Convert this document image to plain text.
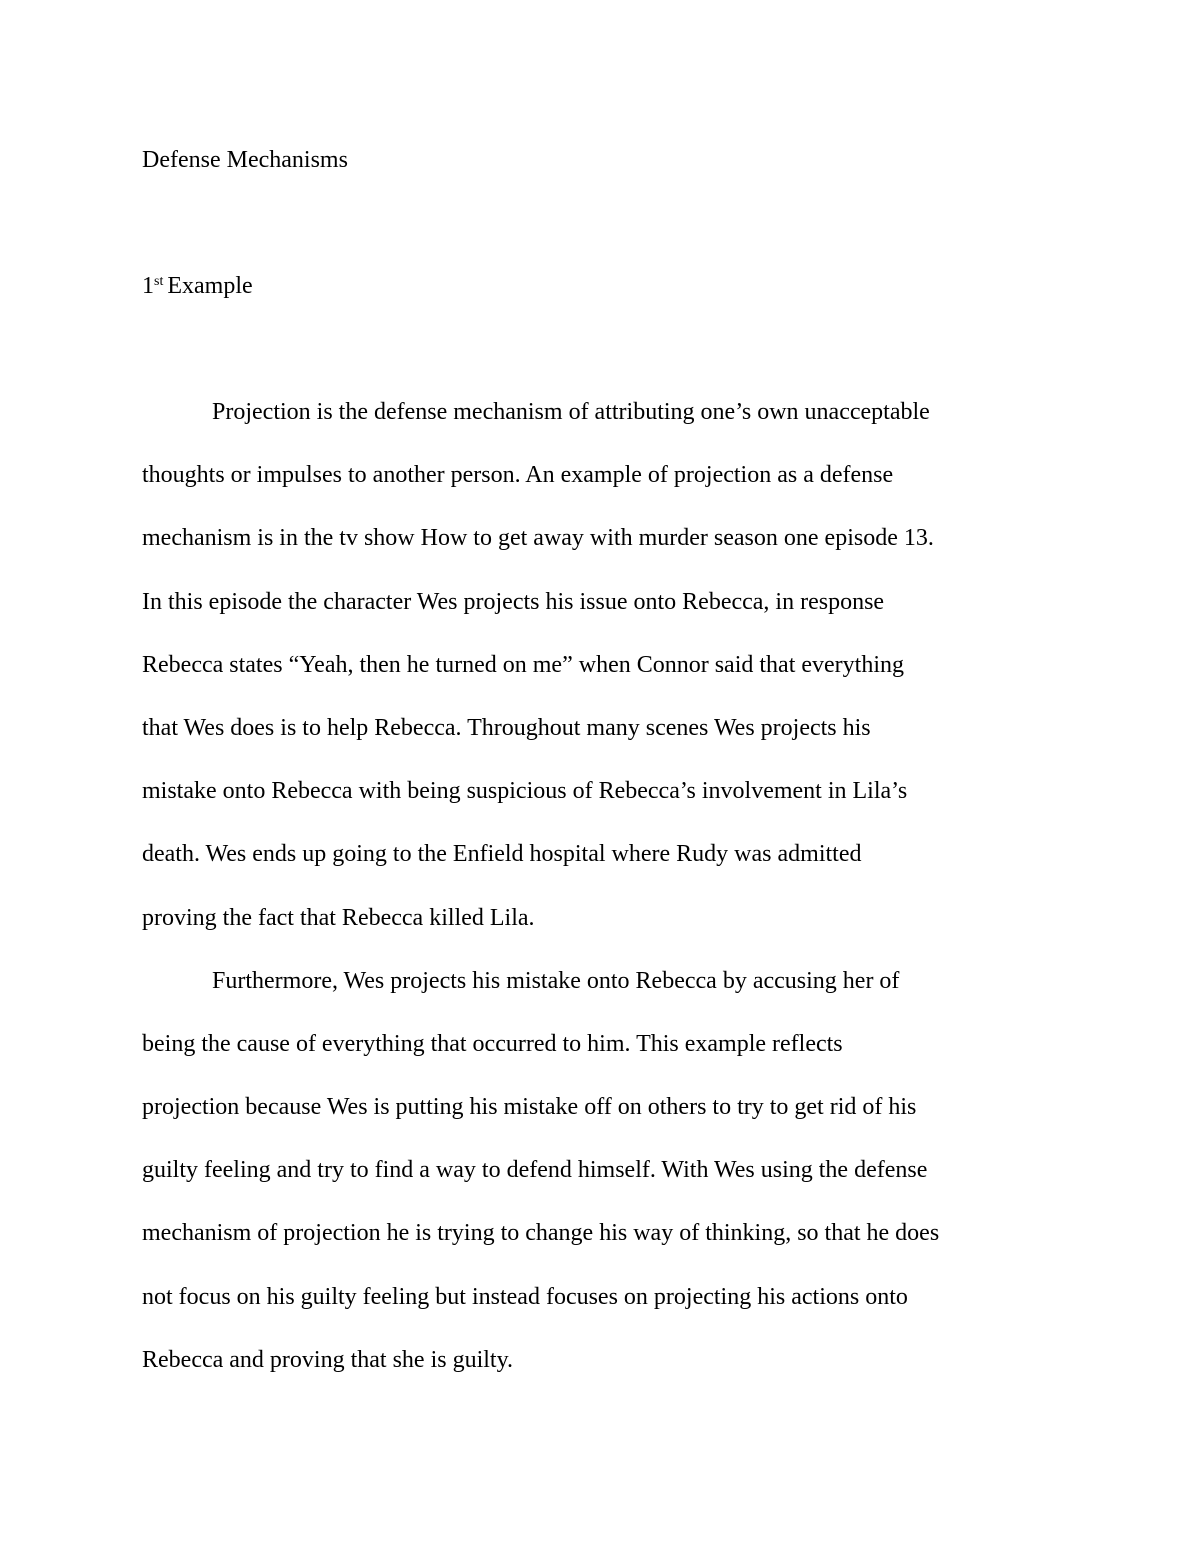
Defense Mechanisms
1st Example
Projection is the defense mechanism of attributing one’s own unacceptable
thoughts or impulses to another person. An example of projection as a defense
mechanism is in the tv show How to get away with murder season one episode 13.
In this episode the character Wes projects his issue onto Rebecca, in response
Rebecca states “Yeah, then he turned on me” when Connor said that everything
that Wes does is to help Rebecca. Throughout many scenes Wes projects his
mistake onto Rebecca with being suspicious of Rebecca’s involvement in Lila’s
death. Wes ends up going to the Enfield hospital where Rudy was admitted
proving the fact that Rebecca killed Lila.
Furthermore, Wes projects his mistake onto Rebecca by accusing her of
being the cause of everything that occurred to him. This example reflects
projection because Wes is putting his mistake off on others to try to get rid of his
guilty feeling and try to find a way to defend himself. With Wes using the defense
mechanism of projection he is trying to change his way of thinking, so that he does
not focus on his guilty feeling but instead focuses on projecting his actions onto
Rebecca and proving that she is guilty.
